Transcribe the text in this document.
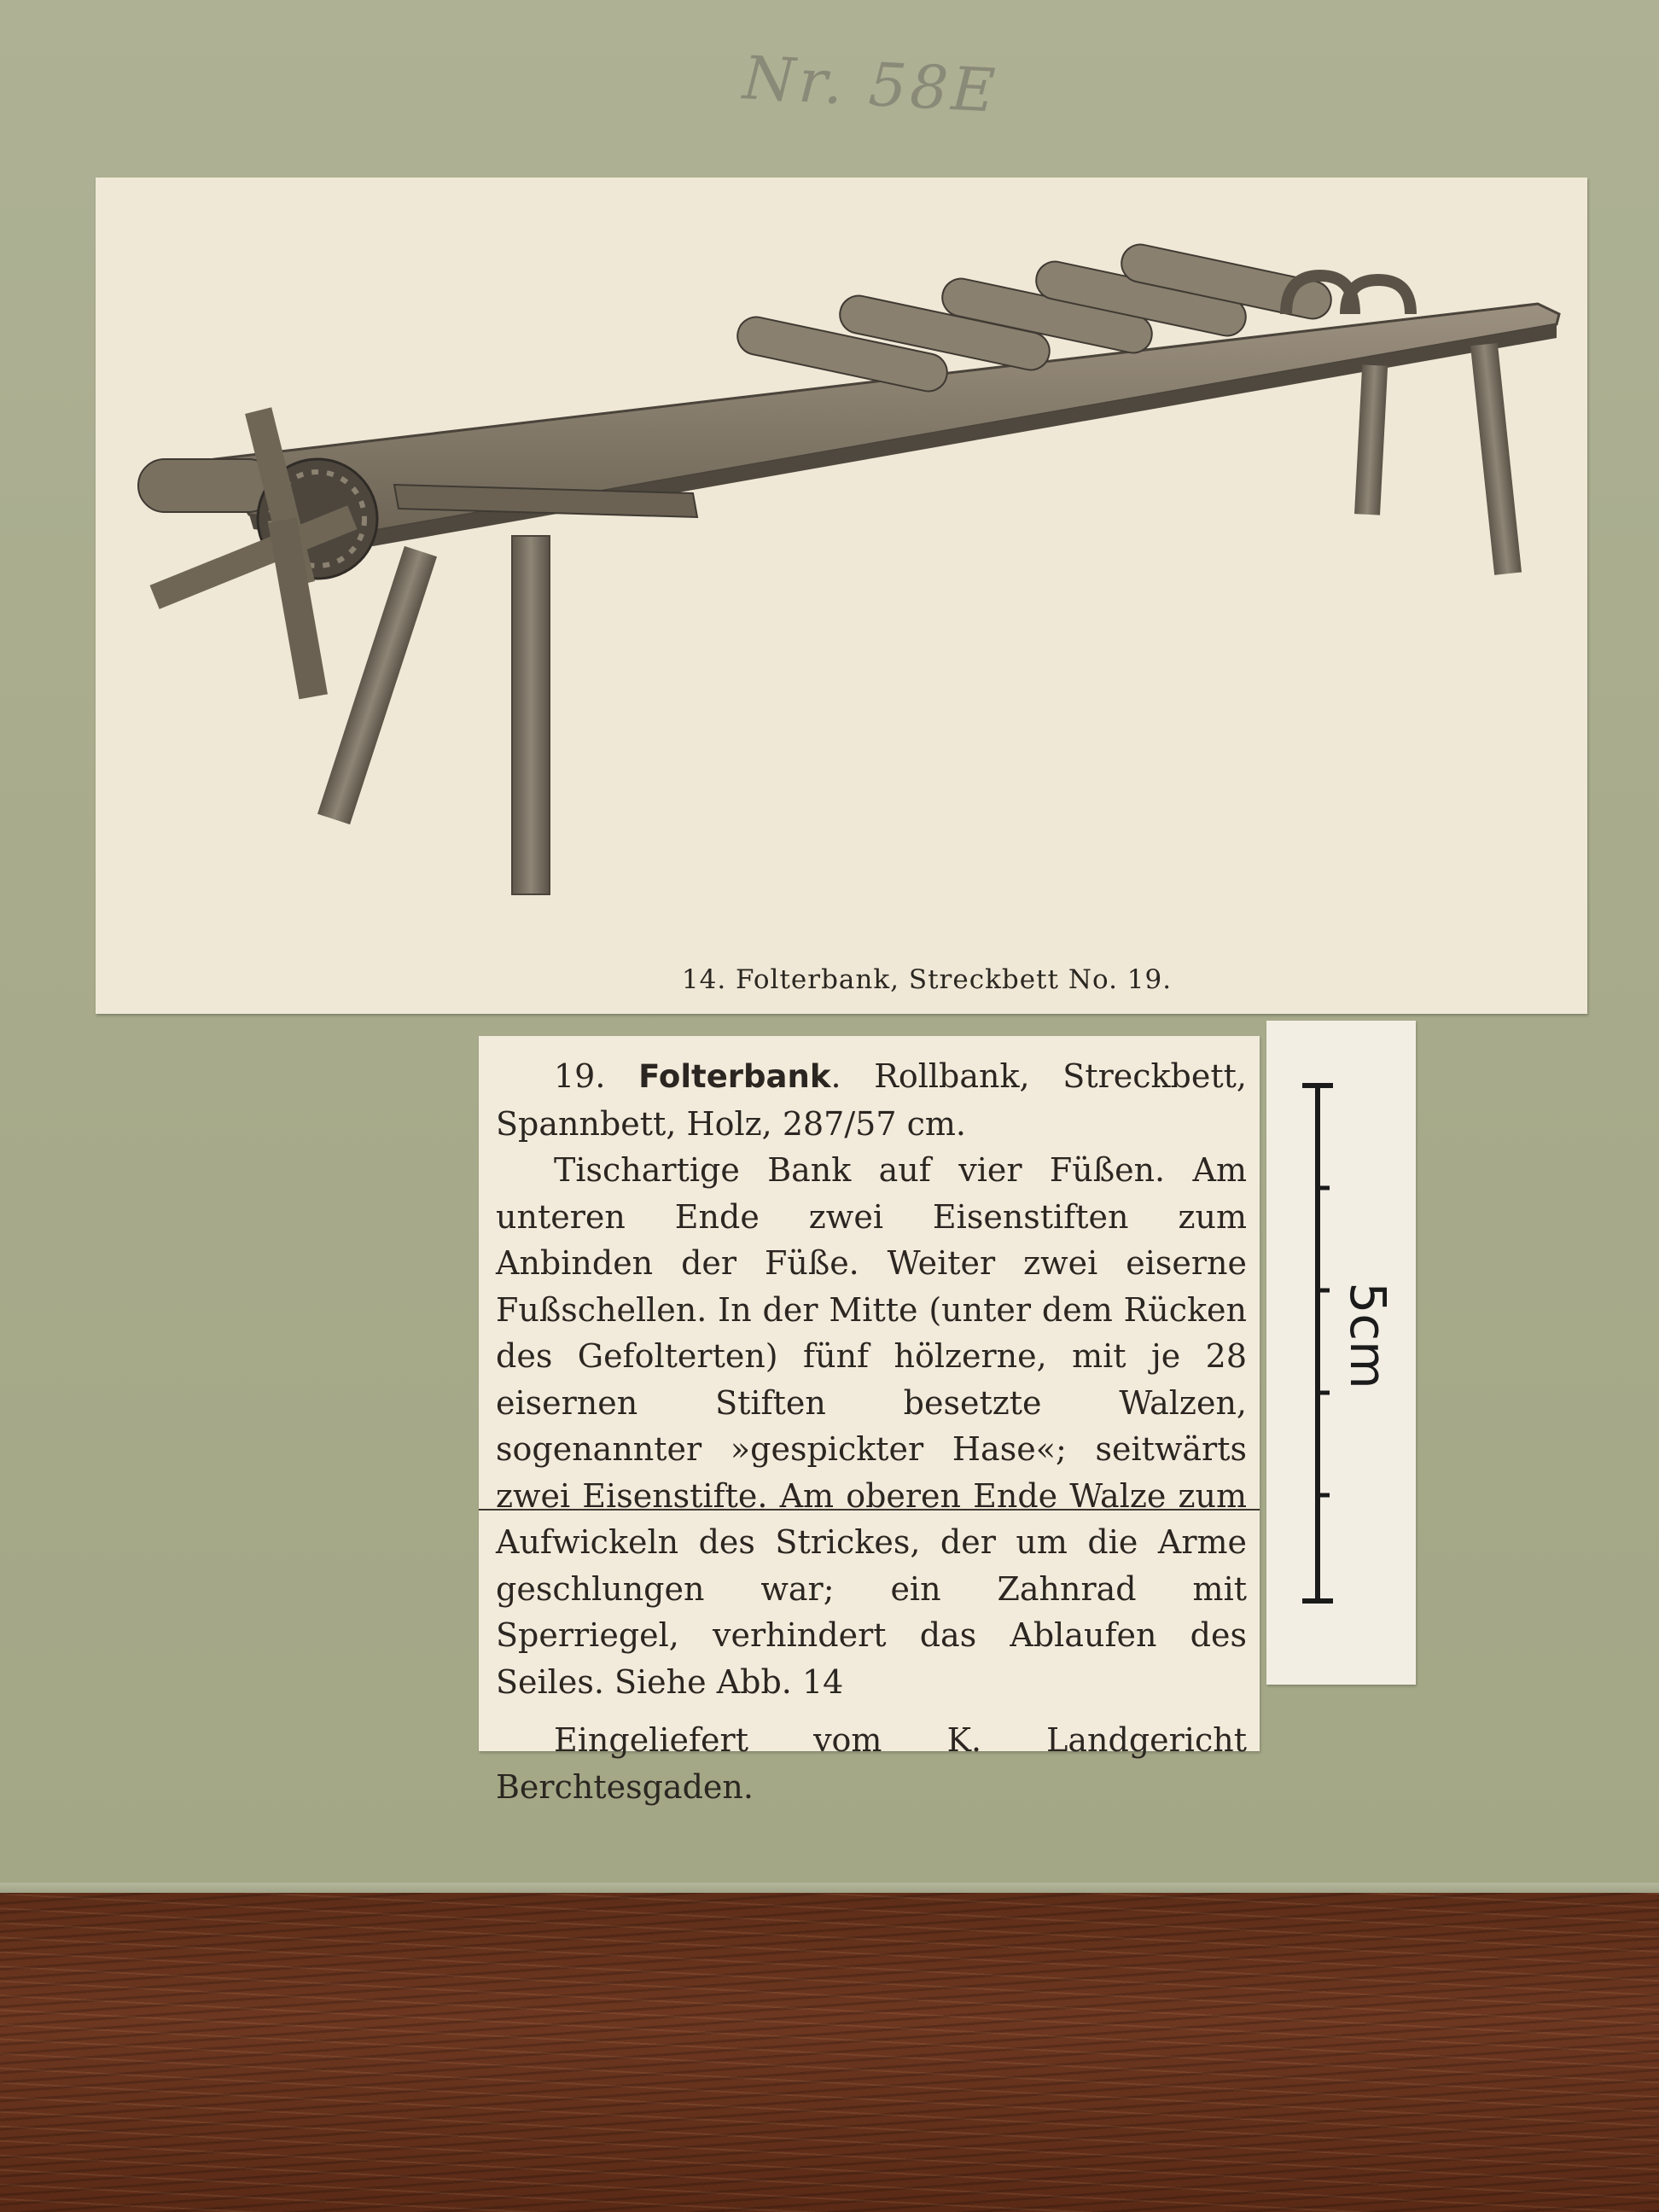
Nr. 58E
14. Folterbank, Streckbett No. 19.

19. Folterbank. Rollbank, Streckbett, Spannbett, Holz, 287/57 cm.

Tischartige Bank auf vier Füßen. Am unteren Ende zwei Eisenstiften zum Anbinden der Füße. Weiter zwei eiserne Fußschellen. In der Mitte (unter dem Rücken des Gefolterten) fünf hölzerne, mit je 28 eisernen Stiften besetzte Walzen, sogenannter »gespickter Hase«; seitwärts zwei Eisenstifte. Am oberen Ende Walze zum Aufwickeln des Strickes, der um die Arme geschlungen war; ein Zahnrad mit Sperriegel, verhindert das Ablaufen des Seiles. Siehe Abb. 14

Eingeliefert vom K. Landgericht Berchtesgaden.

5cm
